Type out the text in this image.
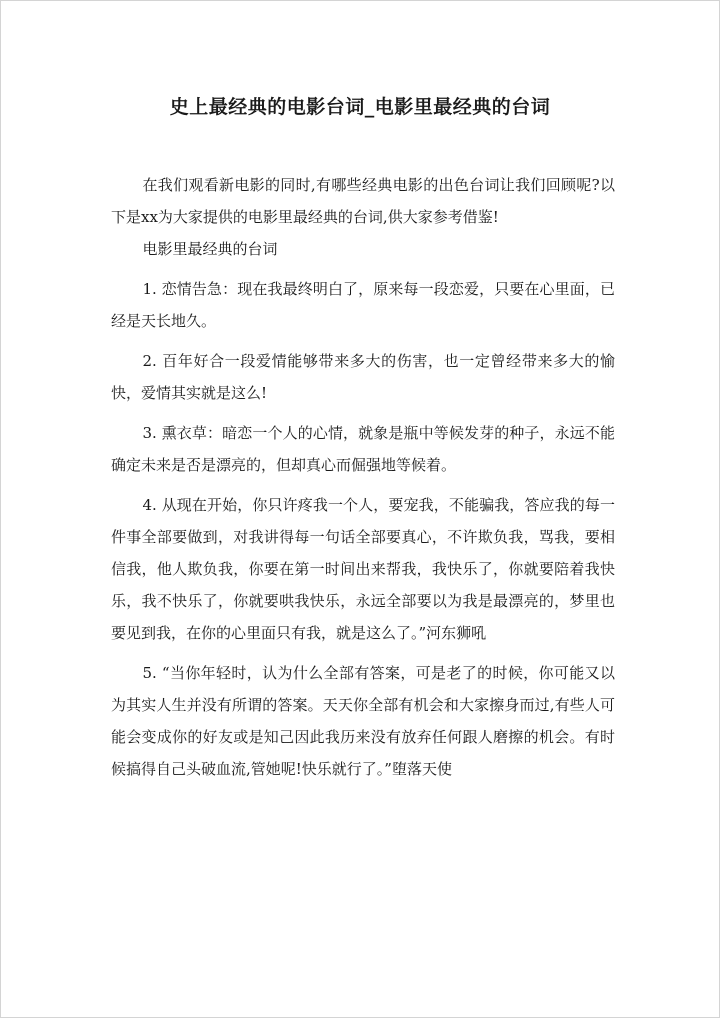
史上最经典的电影台词_电影里最经典的台词

在我们观看新电影的同时,有哪些经典电影的出色台词让我们回顾呢?以下是xx为大家提供的电影里最经典的台词,供大家参考借鉴!

电影里最经典的台词

1. 恋情告急：现在我最终明白了，原来每一段恋爱，只要在心里面，已经是天长地久。

2. 百年好合一段爱情能够带来多大的伤害，也一定曾经带来多大的愉快，爱情其实就是这么!

3. 熏衣草：暗恋一个人的心情，就象是瓶中等候发芽的种子，永远不能确定未来是否是漂亮的，但却真心而倔强地等候着。

4. 从现在开始，你只许疼我一个人，要宠我，不能骗我，答应我的每一件事全部要做到，对我讲得每一句话全部要真心，不许欺负我，骂我，要相信我，他人欺负我，你要在第一时间出来帮我，我快乐了，你就要陪着我快乐，我不快乐了，你就要哄我快乐，永远全部要以为我是最漂亮的，梦里也要见到我，在你的心里面只有我，就是这么了。”河东狮吼

5. “当你年轻时，认为什么全部有答案，可是老了的时候，你可能又以为其实人生并没有所谓的答案。天天你全部有机会和大家擦身而过,有些人可能会变成你的好友或是知己因此我历来没有放弃任何跟人磨擦的机会。有时候搞得自己头破血流,管她呢!快乐就行了。”堕落天使
